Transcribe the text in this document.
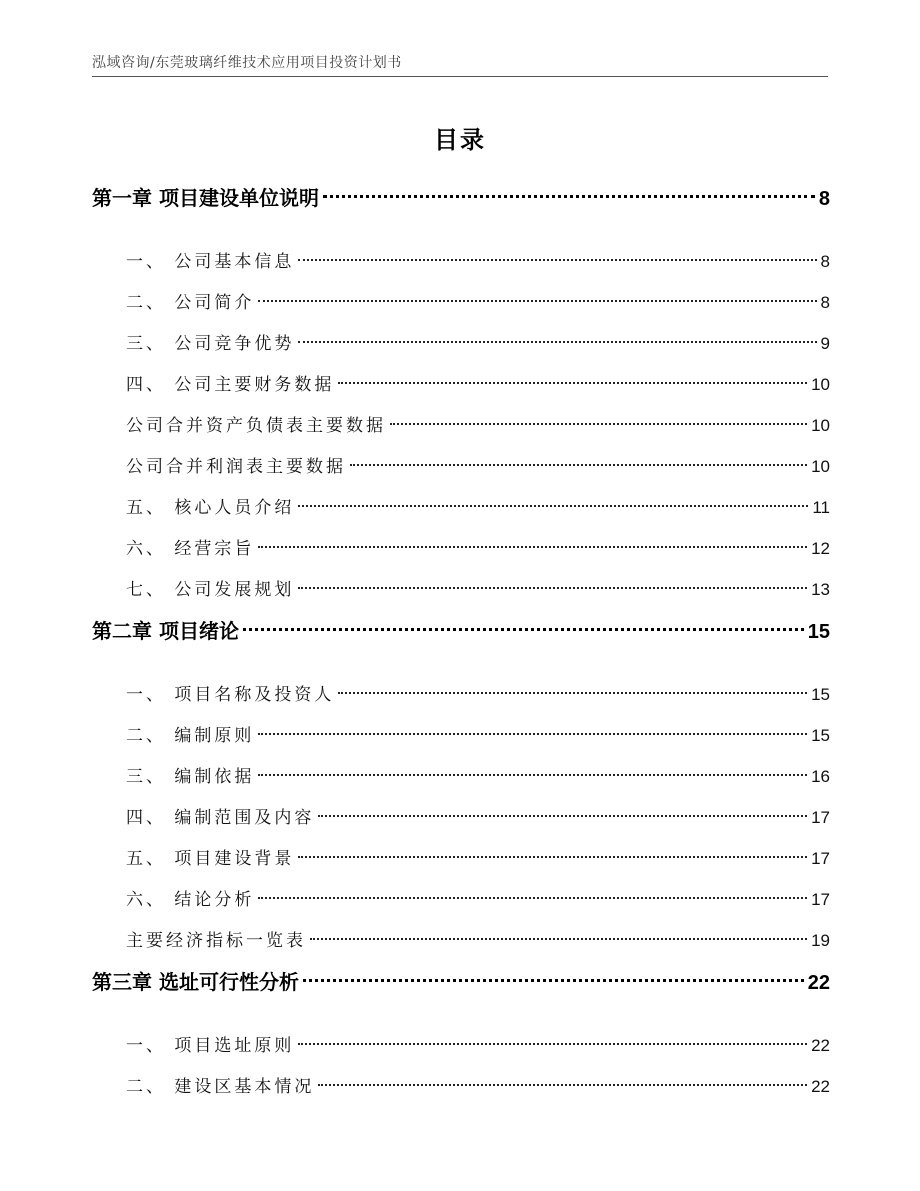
泓域咨询/东莞玻璃纤维技术应用项目投资计划书
目录
第一章 项目建设单位说明	8
一、 公司基本信息	8
二、 公司简介	8
三、 公司竞争优势	9
四、 公司主要财务数据	10
公司合并资产负债表主要数据	10
公司合并利润表主要数据	10
五、 核心人员介绍	11
六、 经营宗旨	12
七、 公司发展规划	13
第二章 项目绪论	15
一、 项目名称及投资人	15
二、 编制原则	15
三、 编制依据	16
四、 编制范围及内容	17
五、 项目建设背景	17
六、 结论分析	17
主要经济指标一览表	19
第三章 选址可行性分析	22
一、 项目选址原则	22
二、 建设区基本情况	22
